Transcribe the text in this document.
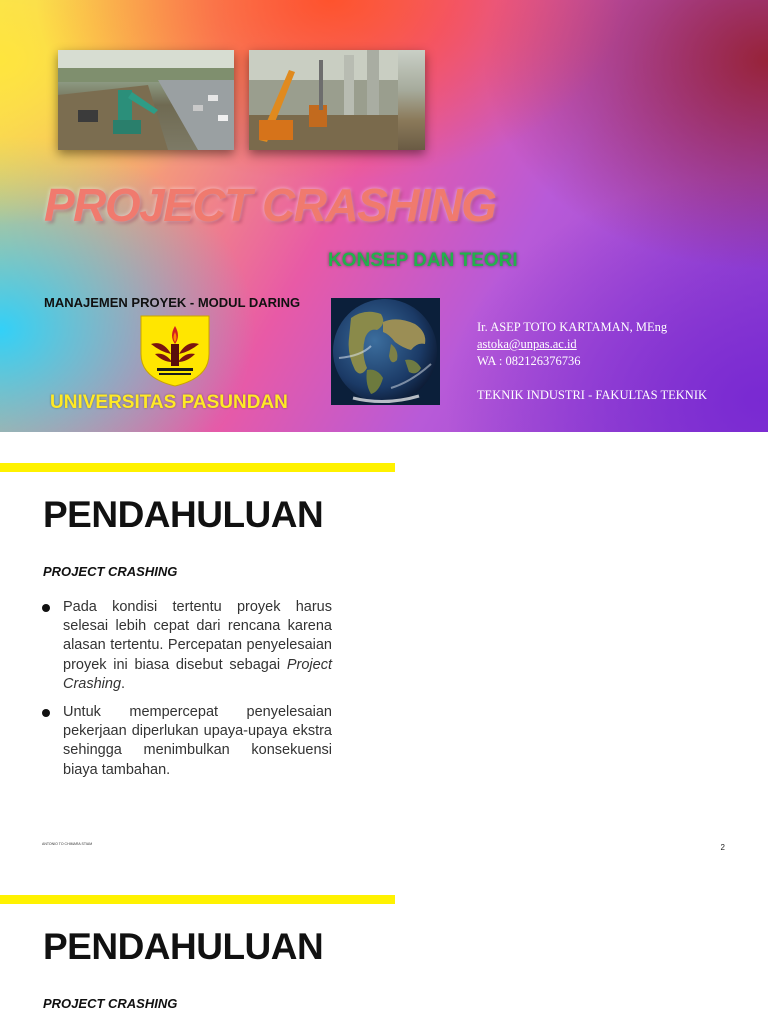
PROJECT CRASHING
KONSEP DAN TEORI
MANAJEMEN PROYEK - MODUL DARING
UNIVERSITAS PASUNDAN
Ir. ASEP TOTO KARTAMAN, MEng
astoka@unpas.ac.id
WA : 082126376736
TEKNIK INDUSTRI - FAKULTAS TEKNIK
PENDAHULUAN
PROJECT CRASHING
Pada kondisi tertentu proyek harus selesai lebih cepat dari rencana karena alasan tertentu. Percepatan penyelesaian proyek ini biasa disebut sebagai Project Crashing.
Untuk mempercepat penyelesaian pekerjaan diperlukan upaya-upaya ekstra sehingga menimbulkan konsekuensi biaya tambahan.
ANTONIO TO CHIMARA STIAM	2
PENDAHULUAN
PROJECT CRASHING
